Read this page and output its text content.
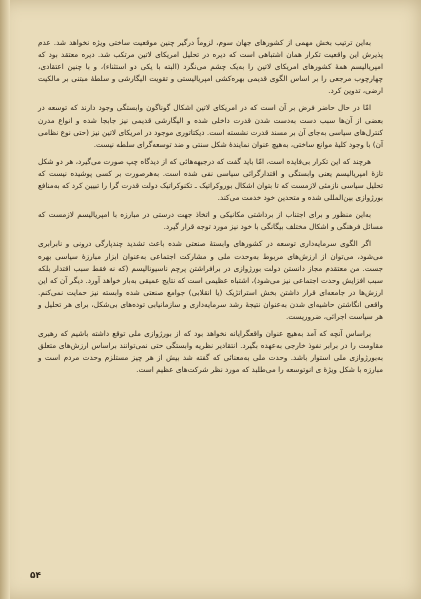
به‌این ترتیب بخش مهمی از کشورهای جهان سوم، لزوماً درگیر چنین موقعیت ساختی ویژه نخواهد شد. عدم پذیرش این واقعیت تکرار همان اشتباهی است که دیره در تحلیل امریکای لاتین مرتکب شد. دیره معتقد بود که امپریالیسم همهٔ کشورهای امریکای لاتین را به‌یک چشم می‌نگرد (البته با یکی دو استثناء)، و با چنین اعتقادی، چهارچوب مرجعی را بر اساس الگوی قدیمی بهره‌کشی امپریالیستی و تقویت الیگارشی و سلطهٔ مبتنی بر مالکیت ارضی، تدوین کرد.

امّا در حال حاضر فرض بر آن است که در امریکای لاتین اشکال گوناگون وابستگی وجود دارند که توسعه در بعضی از آن‌ها سبب دست به‌دست شدن قدرت داخلی شده و الیگارشی قدیمی نیز جابجا شده و انواع مدرن کنترل‌های سیاسی به‌جای آن بر مسند قدرت نشسته است. دیکتاتوری موجود در امریکای لاتین نیز (حتی نوع نظامی آن) با وجود کلیهٔ موانع ساختی، به‌هیچ عنوان نمایندهٔ شکل سنتی و ضد توسعه‌گرای سلطه نیست.

هرچند که این تکرار بی‌فایده است، امّا باید گفت که درجبهه‌هائی که از دیدگاه چپ صورت می‌گیرد، هر دو شکل تازهٔ امپریالیسم یعنی وابستگی و اقتدارگرائی سیاسی نفی شده است. به‌هرصورت بر کسی پوشیده نیست که تحلیل سیاسی نازمئی لازمست که تا بتوان اشکال بوروکراتیک ـ تکنوکراتیک دولت قدرت گرا را تبیین کرد که به‌منافع بورژوازی بین‌المللی شده و متحدین خود خدمت می‌کند.

به‌این منظور و برای اجتناب از برداشتی مکانیکی و اتخاذ جهت درستی در مبارزه با امپریالیسم لازمست که مسائل فرهنگی و اشکال مختلف بیگانگی با خود نیز مورد توجه قرار گیرد.

اگر الگوی سرمایه‌داری توسعه در کشورهای وابستهٔ صنعتی شده باعث تشدید چندپارگی درونی و نابرابری می‌شود، می‌توان از ارزش‌های مربوط به‌وحدت ملی و مشارکت اجتماعی به‌عنوان ابزار مبارزهٔ سیاسی بهره جست. من معتقدم مجاز دانستن دولت بورژوازی در برافراشتن پرچم ناسیونالیسم (که نه فقط سبب اقتدار بلکه سبب افزایش وحدت اجتماعی نیز می‌شود)، اشتباه عظیمی است که نتایج عمیقی به‌بار خواهد آورد. دیگر آن که این ارزش‌ها در جامعه‌ای قرار داشتن بخش استراتژیک (یا انقلابی) جوامع صنعتی شده وابسته نیز حمایت نمی‌کنم. واقعی انگاشتن حاشیه‌ای شدن به‌عنوان نتیجهٔ رشد سرمایه‌داری و سازمانیابی توده‌های بی‌شکل، برای هر تحلیل و هر سیاست اجرائی، ضروریست.

براساس آنچه که آمد به‌هیچ عنوان واقعگرایانه نخواهد بود که از بورژوازی ملی توقع داشته باشیم که رهبری مقاومت را در برابر نفوذ خارجی به‌عهده بگیرد. انتقادیر نظریه وابستگی حتی نمی‌توانند براساس ارزش‌های متعلق به‌بورژوازی ملی استوار باشد. وحدت ملی به‌معنائی که گفته شد بیش از هر چیز مستلزم وحدت مردم است و مبارزه با شکل ویژهٔ ی انوتوسعه را می‌طلبد که مورد نظر شرکت‌های عظیم است.

۵۴
